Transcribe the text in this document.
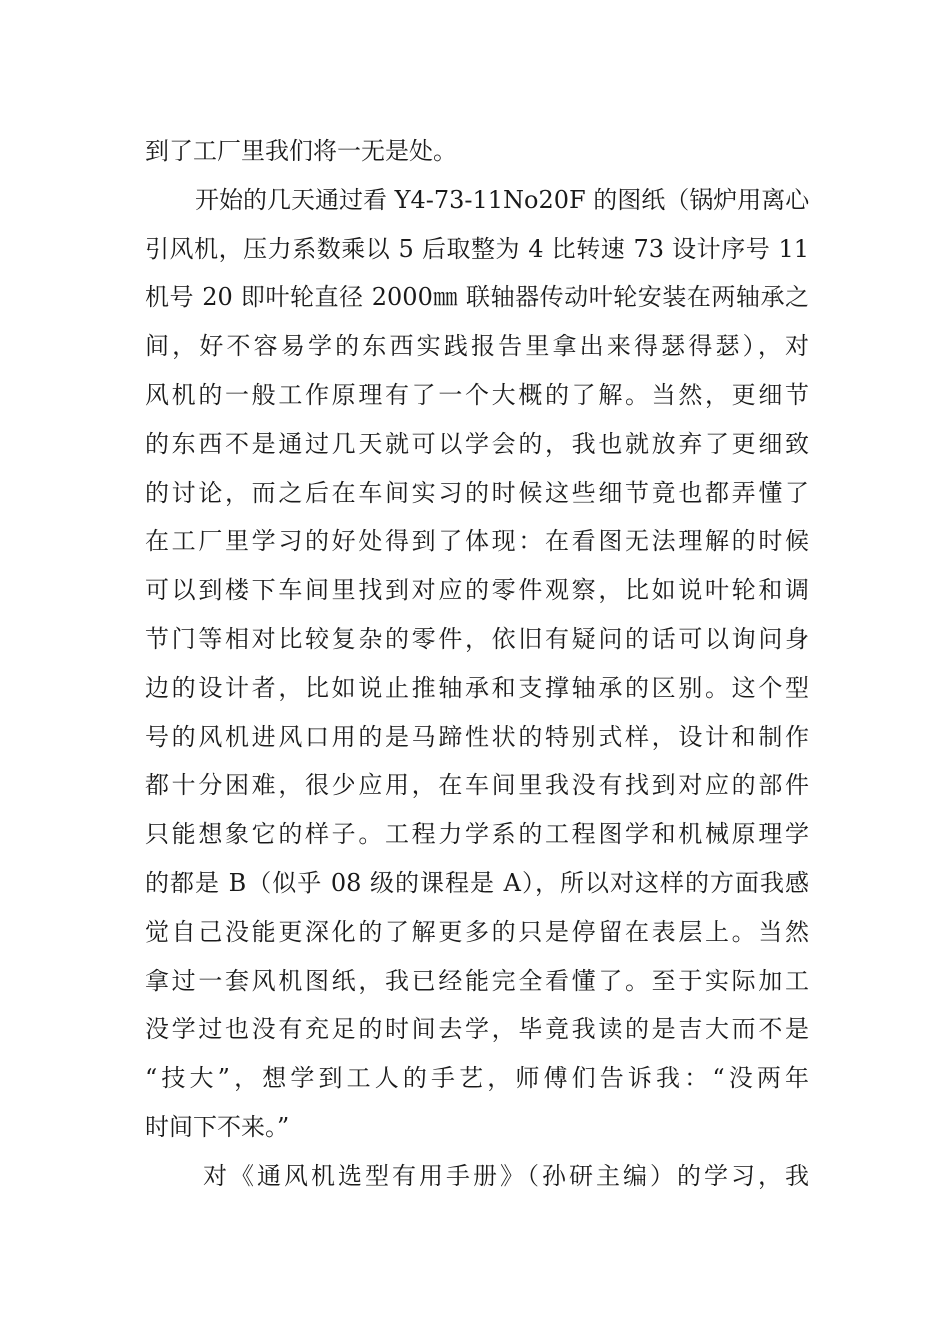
到了工厂里我们将一无是处。
开始的几天通过看 Y4-73-11No20F 的图纸（锅炉用离心
引风机，压力系数乘以 5 后取整为 4 比转速 73 设计序号 11
机号 20 即叶轮直径 2000㎜ 联轴器传动叶轮安装在两轴承之
间，好不容易学的东西实践报告里拿出来得瑟得瑟），对
风机的一般工作原理有了一个大概的了解。当然，更细节
的东西不是通过几天就可以学会的，我也就放弃了更细致
的讨论，而之后在车间实习的时候这些细节竟也都弄懂了
在工厂里学习的好处得到了体现：在看图无法理解的时候
可以到楼下车间里找到对应的零件观察，比如说叶轮和调
节门等相对比较复杂的零件，依旧有疑问的话可以询问身
边的设计者，比如说止推轴承和支撑轴承的区别。这个型
号的风机进风口用的是马蹄性状的特别式样，设计和制作
都十分困难，很少应用，在车间里我没有找到对应的部件
只能想象它的样子。工程力学系的工程图学和机械原理学
的都是 B（似乎 08 级的课程是 A），所以对这样的方面我感
觉自己没能更深化的了解更多的只是停留在表层上。当然
拿过一套风机图纸，我已经能完全看懂了。至于实际加工
没学过也没有充足的时间去学，毕竟我读的是吉大而不是
“技大”，想学到工人的手艺，师傅们告诉我：“没两年
时间下不来。”
对《通风机选型有用手册》（孙研主编）的学习，我
